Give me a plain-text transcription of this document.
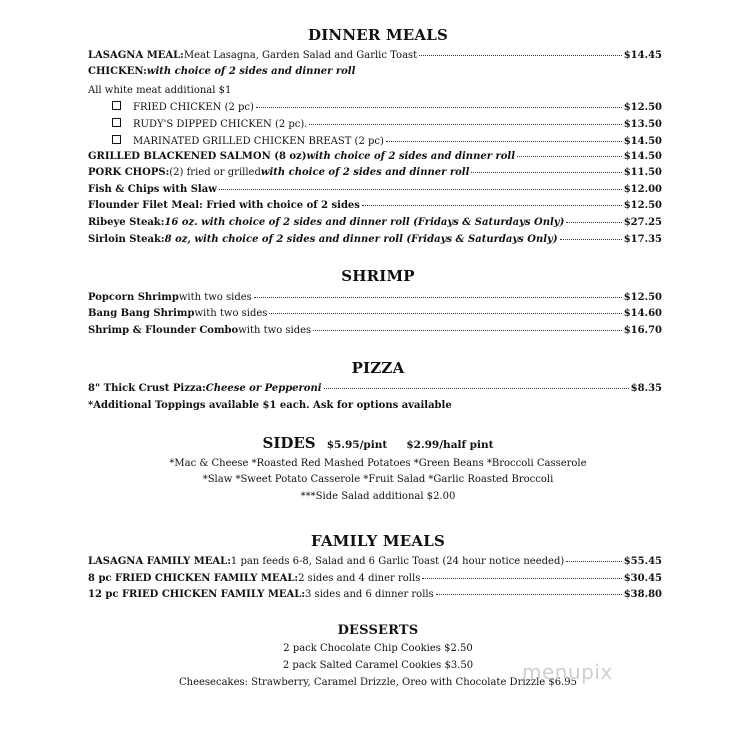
DINNER MEALS
LASAGNA MEAL: Meat Lasagna, Garden Salad and Garlic Toast	$14.45
CHICKEN: with choice of 2 sides and dinner roll
All white meat additional $1
FRIED CHICKEN (2 pc)	$12.50
RUDY'S DIPPED CHICKEN (2 pc).	$13.50
MARINATED GRILLED CHICKEN BREAST (2 pc)	$14.50
GRILLED BLACKENED SALMON (8 oz) with choice of 2 sides and dinner roll	$14.50
PORK CHOPS: (2) fried or grilled with choice of 2 sides and dinner roll	$11.50
Fish & Chips with Slaw	$12.00
Flounder Filet Meal: Fried with choice of 2 sides	$12.50
Ribeye Steak: 16 oz. with choice of 2 sides and dinner roll (Fridays & Saturdays Only)	$27.25
Sirloin Steak: 8 oz, with choice of 2 sides and dinner roll (Fridays & Saturdays Only)	$17.35
SHRIMP
Popcorn Shrimp with two sides	$12.50
Bang Bang Shrimp with two sides	$14.60
Shrimp & Flounder Combo with two sides	$16.70
PIZZA
8" Thick Crust Pizza: Cheese or Pepperoni	$8.35
*Additional Toppings available $1 each. Ask for options available
SIDES $5.95/pint $2.99/half pint
*Mac & Cheese *Roasted Red Mashed Potatoes *Green Beans *Broccoli Casserole
*Slaw *Sweet Potato Casserole *Fruit Salad *Garlic Roasted Broccoli
***Side Salad additional $2.00
FAMILY MEALS
LASAGNA FAMILY MEAL: 1 pan feeds 6-8, Salad and 6 Garlic Toast (24 hour notice needed)	$55.45
8 pc FRIED CHICKEN FAMILY MEAL: 2 sides and 4 diner rolls	$30.45
12 pc FRIED CHICKEN FAMILY MEAL: 3 sides and 6 dinner rolls	$38.80
DESSERTS
2 pack Chocolate Chip Cookies $2.50
2 pack Salted Caramel Cookies $3.50
Cheesecakes: Strawberry, Caramel Drizzle, Oreo with Chocolate Drizzle $6.95
menupix
